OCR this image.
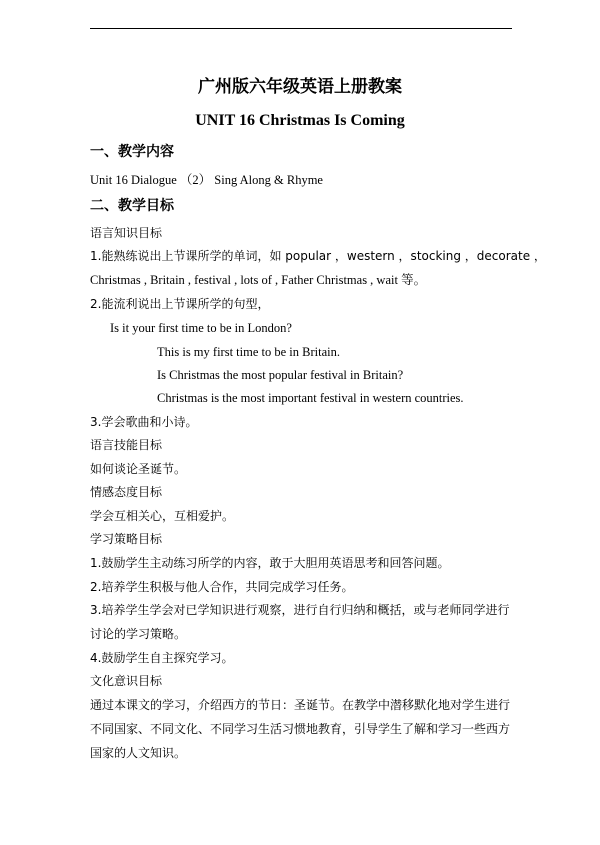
广州版六年级英语上册教案
UNIT 16 Christmas Is Coming
一、教学内容
Unit 16 Dialogue （2） Sing Along & Rhyme
二、教学目标
语言知识目标
1.能熟练说出上节课所学的单词，如 popular ，western ，stocking ，decorate ，
Christmas , Britain , festival , lots of , Father Christmas , wait 等。
2.能流利说出上节课所学的句型，
Is it your first time to be in London?
This is my first time to be in Britain.
Is Christmas the most popular festival in Britain?
Christmas is the most important festival in western countries.
3.学会歌曲和小诗。
语言技能目标
如何谈论圣诞节。
情感态度目标
学会互相关心，互相爱护。
学习策略目标
1.鼓励学生主动练习所学的内容，敢于大胆用英语思考和回答问题。
2.培养学生积极与他人合作，共同完成学习任务。
3.培养学生学会对已学知识进行观察，进行自行归纳和概括，或与老师同学进行
讨论的学习策略。
4.鼓励学生自主探究学习。
文化意识目标
通过本课文的学习，介绍西方的节日：圣诞节。在教学中潜移默化地对学生进行
不同国家、不同文化、不同学习生活习惯地教育，引导学生了解和学习一些西方
国家的人文知识。
